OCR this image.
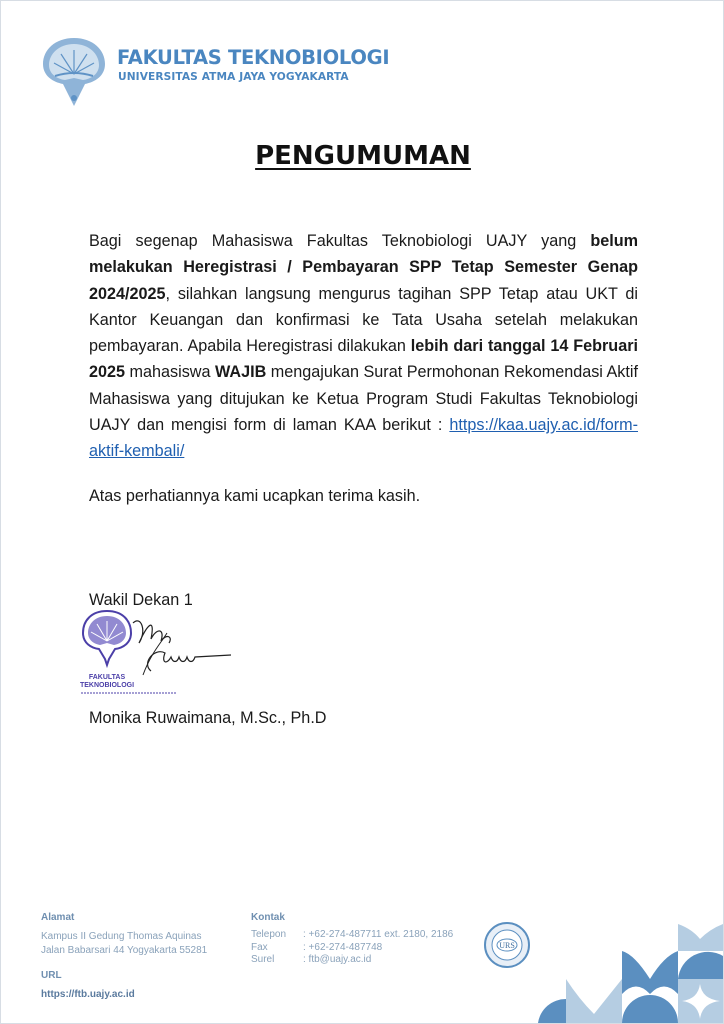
FAKULTAS TEKNOBIOLOGI
UNIVERSITAS ATMA JAYA YOGYAKARTA
PENGUMUMAN
Bagi segenap Mahasiswa Fakultas Teknobiologi UAJY yang belum melakukan Heregistrasi / Pembayaran SPP Tetap Semester Genap 2024/2025, silahkan langsung mengurus tagihan SPP Tetap atau UKT di Kantor Keuangan dan konfirmasi ke Tata Usaha setelah melakukan pembayaran. Apabila Heregistrasi dilakukan lebih dari tanggal 14 Februari 2025 mahasiswa WAJIB mengajukan Surat Permohonan Rekomendasi Aktif Mahasiswa yang ditujukan ke Ketua Program Studi Fakultas Teknobiologi UAJY dan mengisi form di laman KAA berikut : https://kaa.uajy.ac.id/form-aktif-kembali/
Atas perhatiannya kami ucapkan terima kasih.
Wakil Dekan 1
FAKULTAS
TEKNOBIOLOGI
Monika Ruwaimana, M.Sc., Ph.D
Alamat
Kampus II Gedung Thomas Aquinas
Jalan Babarsari 44 Yogyakarta 55281
URL
https://ftb.uajy.ac.id
Kontak
Telepon	: +62-274-487711 ext. 2180, 2186
Fax	: +62-274-487748
Surel	: ftb@uajy.ac.id
URS
